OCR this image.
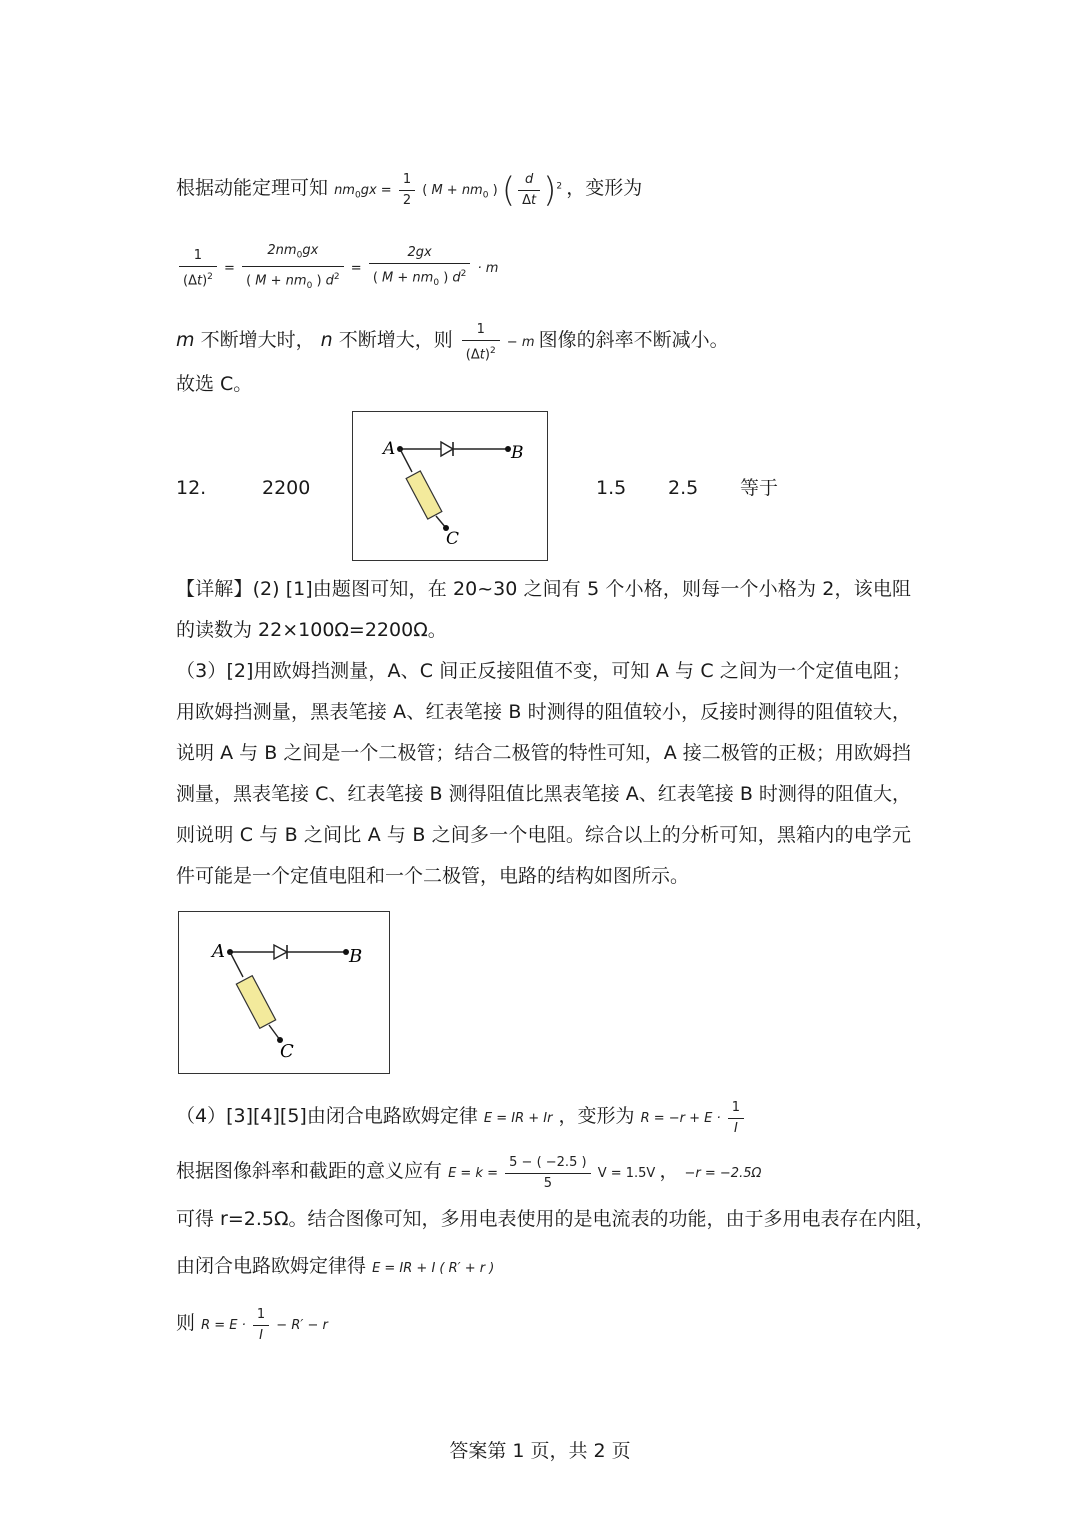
根据动能定理可知 $nm_0gx = \frac{1}{2}$ ( $M + nm_0$ ) ( $\frac{d}{\Delta t} )^2$ ，变形为
$\frac{1}{(\Delta t)^2} = \frac{2nm_0gx}{( M + nm_0 ) d^2} = \frac{2gx}{( M + nm_0 ) d^2} \cdot m$
m 不断增大时， n 不断增大，则 $\frac{1}{(\Delta t)^2} - m$ 图像的斜率不断减小。
故选 C。
12.	2200	1.5 2.5 等于
A	B
C
【详解】(2) [1]由题图可知，在 20~30 之间有 5 个小格，则每一个小格为 2，该电阻的读数为 22×100Ω=2200Ω。
（3）[2]用欧姆挡测量，A、C 间正反接阻值不变，可知 A 与 C 之间为一个定值电阻；用欧姆挡测量，黑表笔接 A、红表笔接 B 时测得的阻值较小，反接时测得的阻值较大，说明 A 与 B 之间是一个二极管；结合二极管的特性可知，A 接二极管的正极；用欧姆挡测量，黑表笔接 C、红表笔接 B 测得阻值比黑表笔接 A、红表笔接 B 时测得的阻值大，则说明 C 与 B 之间比 A 与 B 之间多一个电阻。综合以上的分析可知，黑箱内的电学元件可能是一个定值电阻和一个二极管，电路的结构如图所示。
A	B
C
（4）[3][4][5]由闭合电路欧姆定律 E = IR + Ir ，变形为 $R = -r + E \cdot \frac{1}{I}$
根据图像斜率和截距的意义应有 $E = k = \frac{5 - ( -2.5 )}{5}$ V = 1.5V ， −r = −2.5Ω
可得 r=2.5Ω。结合图像可知，多用电表使用的是电流表的功能，由于多用电表存在内阻，
由闭合电路欧姆定律得 E = IR + I ( R′ + r )
则 $R = E \cdot \frac{1}{I} - R' - r$
答案第 1 页，共 2 页
